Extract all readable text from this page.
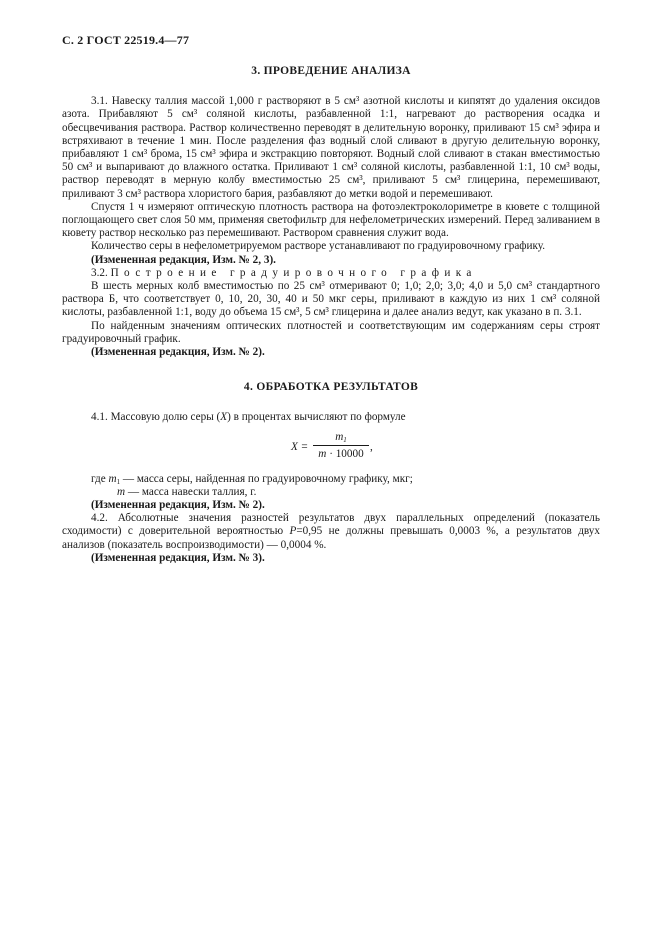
С. 2 ГОСТ 22519.4—77

3. ПРОВЕДЕНИЕ АНАЛИЗА

3.1. Навеску таллия массой 1,000 г растворяют в 5 см³ азотной кислоты и кипятят до удаления оксидов азота. Прибавляют 5 см³ соляной кислоты, разбавленной 1:1, нагревают до растворения осадка и обесцвечивания раствора. Раствор количественно переводят в делительную воронку, приливают 15 см³ эфира и встряхивают в течение 1 мин. После разделения фаз водный слой сливают в другую делительную воронку, прибавляют 1 см³ брома, 15 см³ эфира и экстракцию повторяют. Водный слой сливают в стакан вместимостью 50 см³ и выпаривают до влажного остатка. Приливают 1 см³ соляной кислоты, разбавленной 1:1, 10 см³ воды, раствор переводят в мерную колбу вместимостью 25 см³, приливают 5 см³ глицерина, перемешивают, приливают 3 см³ раствора хлористого бария, разбавляют до метки водой и перемешивают.

Спустя 1 ч измеряют оптическую плотность раствора на фотоэлектроколориметре в кювете с толщиной поглощающего свет слоя 50 мм, применяя светофильтр для нефелометрических измерений. Перед заливанием в кювету раствор несколько раз перемешивают. Раствором сравнения служит вода.

Количество серы в нефелометрируемом растворе устанавливают по градуировочному графику.

(Измененная редакция, Изм. № 2, 3).

3.2. Построение градуировочного графика

В шесть мерных колб вместимостью по 25 см³ отмеривают 0; 1,0; 2,0; 3,0; 4,0 и 5,0 см³ стандартного раствора Б, что соответствует 0, 10, 20, 30, 40 и 50 мкг серы, приливают в каждую из них 1 см³ соляной кислоты, разбавленной 1:1, воду до объема 15 см³, 5 см³ глицерина и далее анализ ведут, как указано в п. 3.1.

По найденным значениям оптических плотностей и соответствующим им содержаниям серы строят градуировочный график.

(Измененная редакция, Изм. № 2).

4. ОБРАБОТКА РЕЗУЛЬТАТОВ

4.1. Массовую долю серы (X) в процентах вычисляют по формуле

X =
$m_1$
m · 10000
,

где $m_1$ — масса серы, найденная по градуировочному графику, мкг;

m — масса навески таллия, г.

(Измененная редакция, Изм. № 2).

4.2. Абсолютные значения разностей результатов двух параллельных определений (показатель сходимости) с доверительной вероятностью P=0,95 не должны превышать 0,0003 %, а результатов двух анализов (показатель воспроизводимости) — 0,0004 %.

(Измененная редакция, Изм. № 3).
